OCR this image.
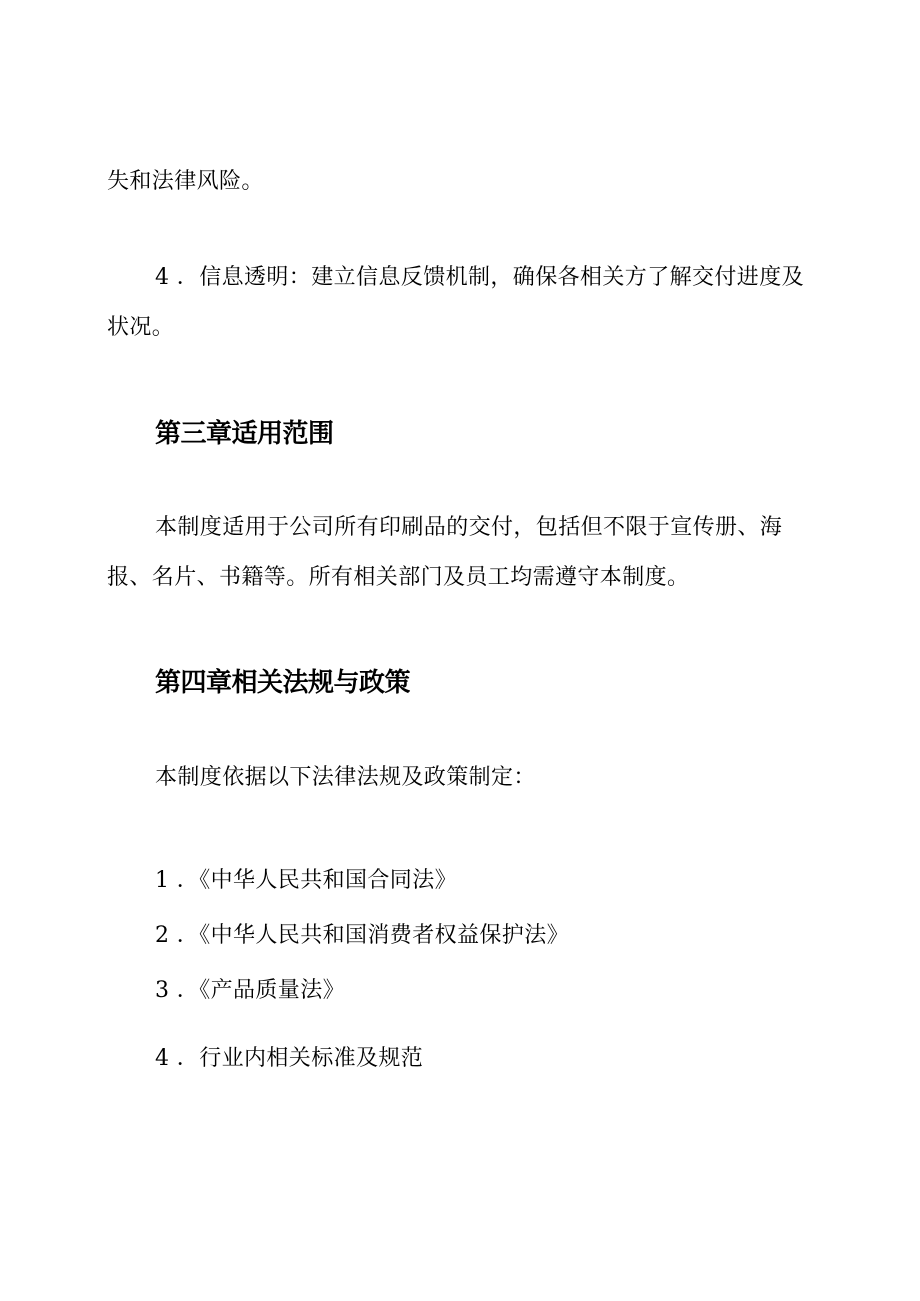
失和法律风险。

4 ．信息透明：建立信息反馈机制，确保各相关方了解交付进度及

状况。

第三章适用范围

本制度适用于公司所有印刷品的交付，包括但不限于宣传册、海

报、名片、书籍等。所有相关部门及员工均需遵守本制度。

第四章相关法规与政策

本制度依据以下法律法规及政策制定：

1 ．《中华人民共和国合同法》

2 ．《中华人民共和国消费者权益保护法》

3 ．《产品质量法》

4 ．行业内相关标准及规范
